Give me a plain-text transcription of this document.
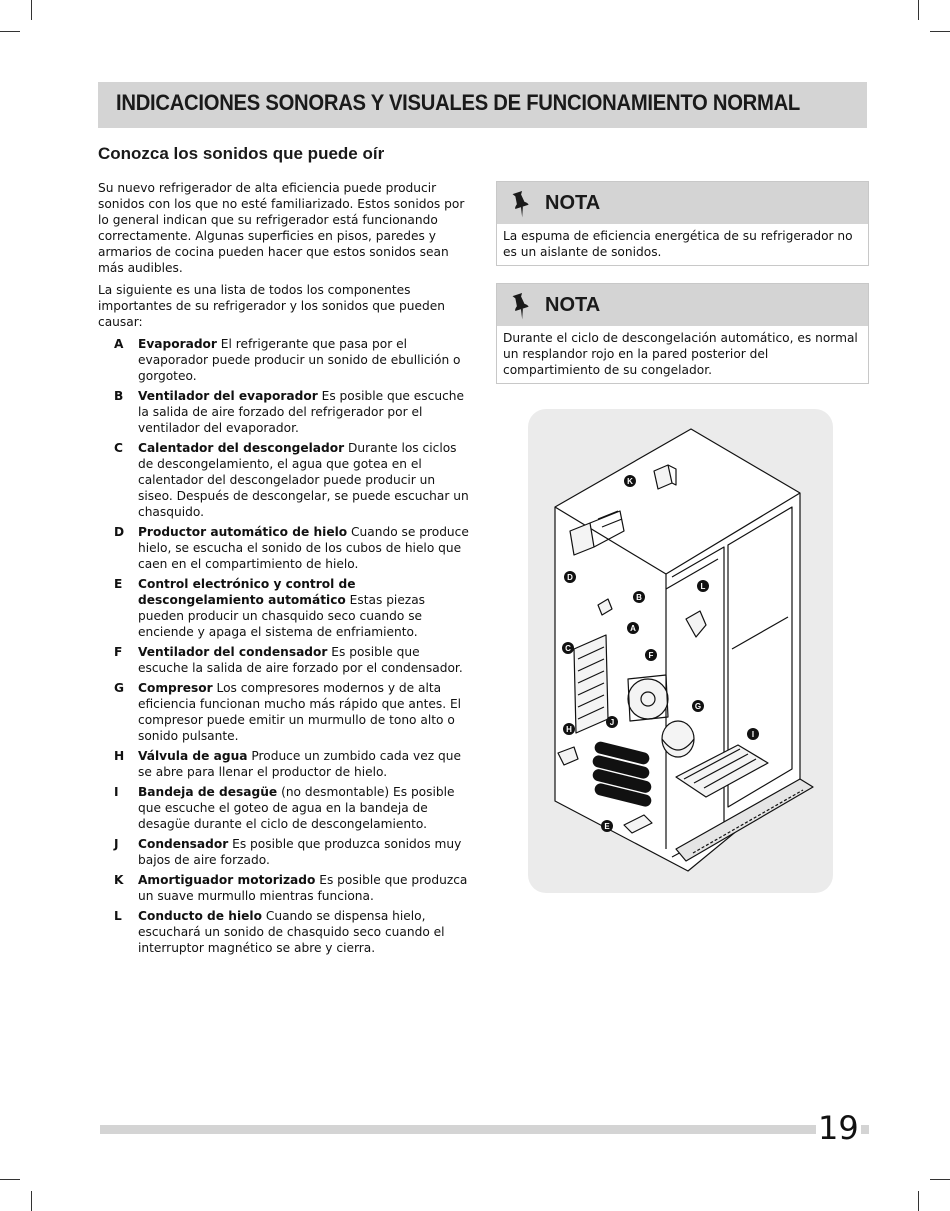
INDICACIONES SONORAS Y VISUALES DE FUNCIONAMIENTO NORMAL
Conozca los sonidos que puede oír

Su nuevo refrigerador de alta eficiencia puede producir sonidos con los que no esté familiarizado. Estos sonidos por lo general indican que su refrigerador está funcionando correctamente. Algunas superficies en pisos, paredes y armarios de cocina pueden hacer que estos sonidos sean más audibles.

La siguiente es una lista de todos los componentes importantes de su refrigerador y los sonidos que pueden causar:

A	Evaporador El refrigerante que pasa por el evaporador puede producir un sonido de ebullición o gorgoteo.
B	Ventilador del evaporador Es posible que escuche la salida de aire forzado del refrigerador por el ventilador del evaporador.
C	Calentador del descongelador Durante los ciclos de descongelamiento, el agua que gotea en el calentador del descongelador puede producir un siseo. Después de descongelar, se puede escuchar un chasquido.
D	Productor automático de hielo Cuando se produce hielo, se escucha el sonido de los cubos de hielo que caen en el compartimiento de hielo.
E	Control electrónico y control de descongelamiento automático Estas piezas pueden producir un chasquido seco cuando se enciende y apaga el sistema de enfriamiento.
F	Ventilador del condensador Es posible que escuche la salida de aire forzado por el condensador.
G	Compresor Los compresores modernos y de alta eficiencia funcionan mucho más rápido que antes. El compresor puede emitir un murmullo de tono alto o sonido pulsante.
H	Válvula de agua Produce un zumbido cada vez que se abre para llenar el productor de hielo.
I	Bandeja de desagüe (no desmontable) Es posible que escuche el goteo de agua en la bandeja de desagüe durante el ciclo de descongelamiento.
J	Condensador Es posible que produzca sonidos muy bajos de aire forzado.
K	Amortiguador motorizado Es posible que produzca un suave murmullo mientras funciona.
L	Conducto de hielo Cuando se dispensa hielo, escuchará un sonido de chasquido seco cuando el interruptor magnético se abre y cierra.
NOTA
La espuma de eficiencia energética de su refrigerador no es un aislante de sonidos.
NOTA
Durante el ciclo de descongelación automático, es normal un resplandor rojo en la pared posterior del compartimiento de su congelador.
K
D
B
L
A
C
F
G
J
H
I
E
19
